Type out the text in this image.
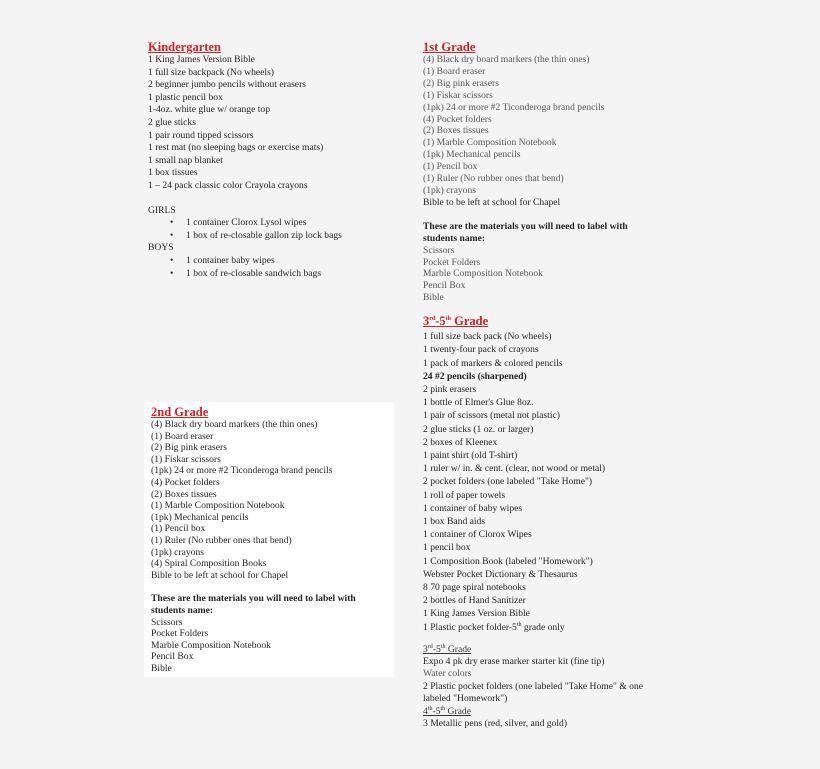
Kindergarten
1 King James Version Bible
1 full size backpack (No wheels)
2 beginner jumbo pencils without erasers
1 plastic pencil box
1-4oz. white glue w/ orange top
2 glue sticks
1 pair round tipped scissors
1 rest mat (no sleeping bags or exercise mats)
1 small nap blanket
1 box tissues
1 – 24 pack classic color Crayola crayons
GIRLS
• 1 container Clorox Lysol wipes
• 1 box of re-closable gallon zip lock bags
BOYS
• 1 container baby wipes
• 1 box of re-closable sandwich bags
2nd Grade
(4) Black dry board markers (the thin ones)
(1) Board eraser
(2) Big pink erasers
(1) Fiskar scissors
(1pk) 24 or more #2 Ticonderoga brand pencils
(4) Pocket folders
(2) Boxes tissues
(1) Marble Composition Notebook
(1pk) Mechanical pencils
(1) Pencil box
(1) Ruler (No rubber ones that bend)
(1pk) crayons
(4) Spiral Composition Books
Bible to be left at school for Chapel
These are the materials you will need to label with students name:
Scissors
Pocket Folders
Marble Composition Notebook
Pencil Box
Bible
1st Grade
(4) Black dry board markers (the thin ones)
(1) Board eraser
(2) Big pink erasers
(1) Fiskar scissors
(1pk) 24 or more #2 Ticonderoga brand pencils
(4) Pocket folders
(2) Boxes tissues
(1) Marble Composition Notebook
(1pk) Mechanical pencils
(1) Pencil box
(1) Ruler (No rubber ones that bend)
(1pk) crayons
Bible to be left at school for Chapel
These are the materials you will need to label with students name:
Scissors
Pocket Folders
Marble Composition Notebook
Pencil Box
Bible
3rd-5th Grade
1 full size back pack (No wheels)
1 twenty-four pack of crayons
1 pack of markers & colored pencils
24 #2 pencils (sharpened)
2 pink erasers
1 bottle of Elmer's Glue 8oz.
1 pair of scissors (metal not plastic)
2 glue sticks (1 oz. or larger)
2 boxes of Kleenex
1 paint shirt (old T-shirt)
1 ruler w/ in. & cent. (clear, not wood or metal)
2 pocket folders (one labeled "Take Home")
1 roll of paper towels
1 container of baby wipes
1 box Band aids
1 container of Clorox Wipes
1 pencil box
1 Composition Book (labeled "Homework")
Webster Pocket Dictionary & Thesaurus
8 70 page spiral notebooks
2 bottles of Hand Sanitizer
1 King James Version Bible
1 Plastic pocket folder-5th grade only
3rd-5th Grade
Expo 4 pk dry erase marker starter kit (fine tip)
Water colors
2 Plastic pocket folders (one labeled "Take Home" & one labeled "Homework")
4th-5th Grade
3 Metallic pens (red, silver, and gold)
